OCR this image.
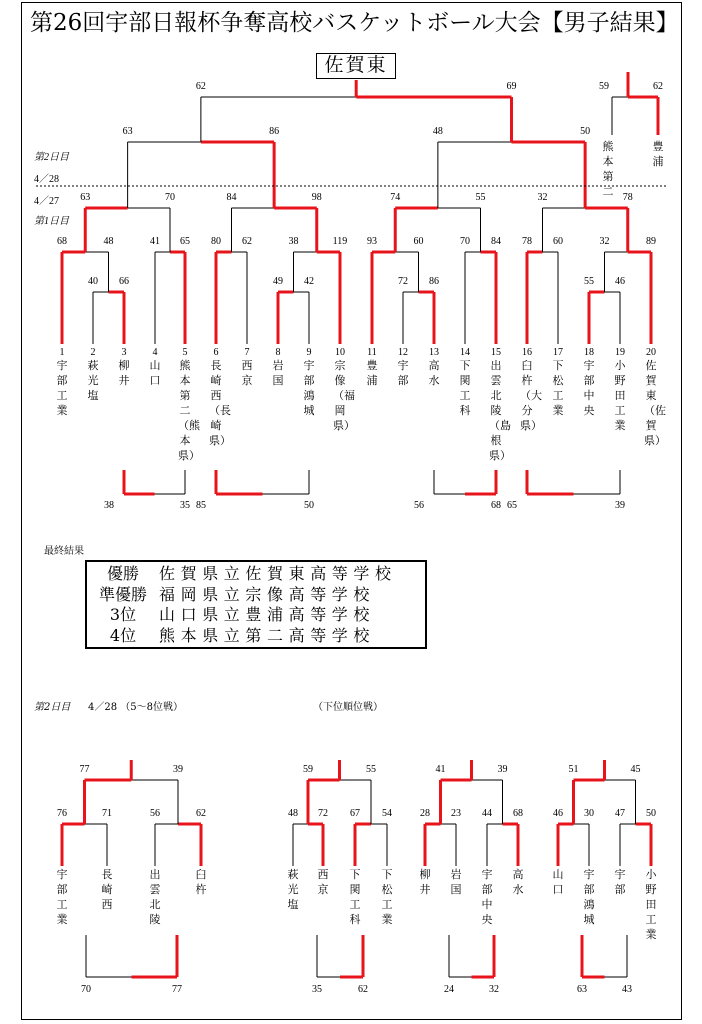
第26回宇部日報杯争奪高校バスケットボール大会【男子結果】
佐賀東
1
宇部工業
2
萩光塩
3
柳井
4
山口
5
熊本第二（熊本県）
6
長崎西（長崎県）
7
西京
8
岩国
9
宇部鴻城
10
宗像（福岡県）
11
豊浦
12
宇部
13
高水
14
下関工科
15
出雲北陵（島根県）
16
臼杵（大分県）
17
下松工業
18
宇部中央
19
小野田工業
20
佐賀東（佐賀県）
40 66	49 42	72 86	55 46
68	48	41 65 80 62	38	119 93	60	70 84 78 60	32	89
63	70	84	98	74	55	32	78
63	86	48	50
62	69	59	62
熊本第二
豊浦
38	35 85	50	56	68 65	39
76	71	56	62
77	39
宇部工業
長崎西
出雲北陵
臼杵
70	77
48 72 67 54
59	55
萩光塩
西京
下関工科
下松工業
35	62
28 23 44 68
41	39
柳井
岩国
宇部中央
高水
24	32
46 30 47 50
51	45
山口
宇部鴻城
宇部
小野田工業
63	43
第2日目
4／28
4／27
第1日目
最終結果
優勝	佐賀県立佐賀東高等学校
準優勝 福岡県立宗像高等学校
3位	山口県立豊浦高等学校
4位	熊本県立第二高等学校
第2日目 4／28 （5～8位戦）	（下位順位戦）
